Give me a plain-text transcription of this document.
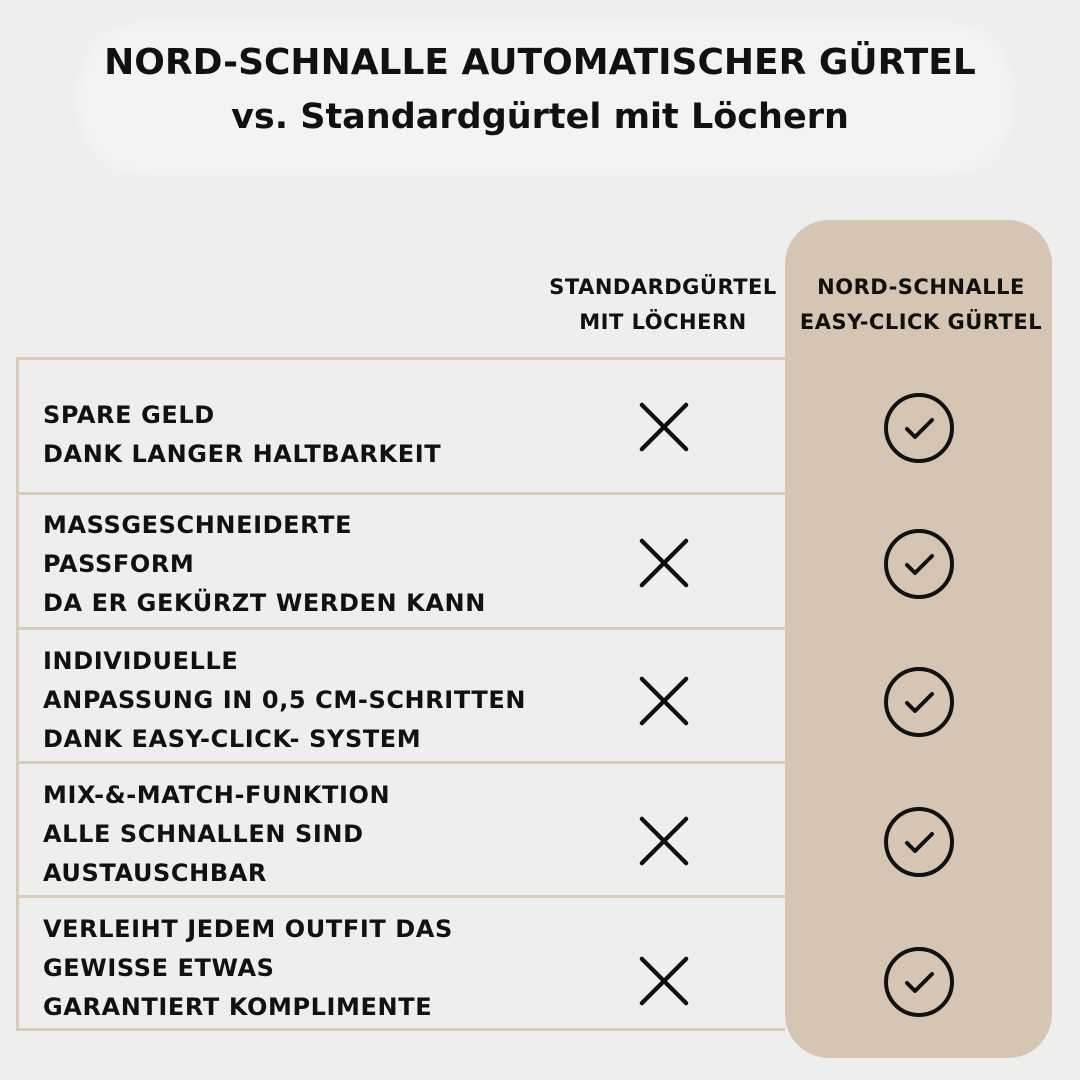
NORD-SCHNALLE AUTOMATISCHER GÜRTEL
vs. Standardgürtel mit Löchern
STANDARDGÜRTEL
MIT LÖCHERN
NORD-SCHNALLE
EASY-CLICK GÜRTEL
SPARE GELD
DANK LANGER HALTBARKEIT
MASSGESCHNEIDERTE
PASSFORM
DA ER GEKÜRZT WERDEN KANN
INDIVIDUELLE
ANPASSUNG IN 0,5 CM-SCHRITTEN
DANK EASY-CLICK- SYSTEM
MIX-&-MATCH-FUNKTION
ALLE SCHNALLEN SIND
AUSTAUSCHBAR
VERLEIHT JEDEM OUTFIT DAS
GEWISSE ETWAS
GARANTIERT KOMPLIMENTE
